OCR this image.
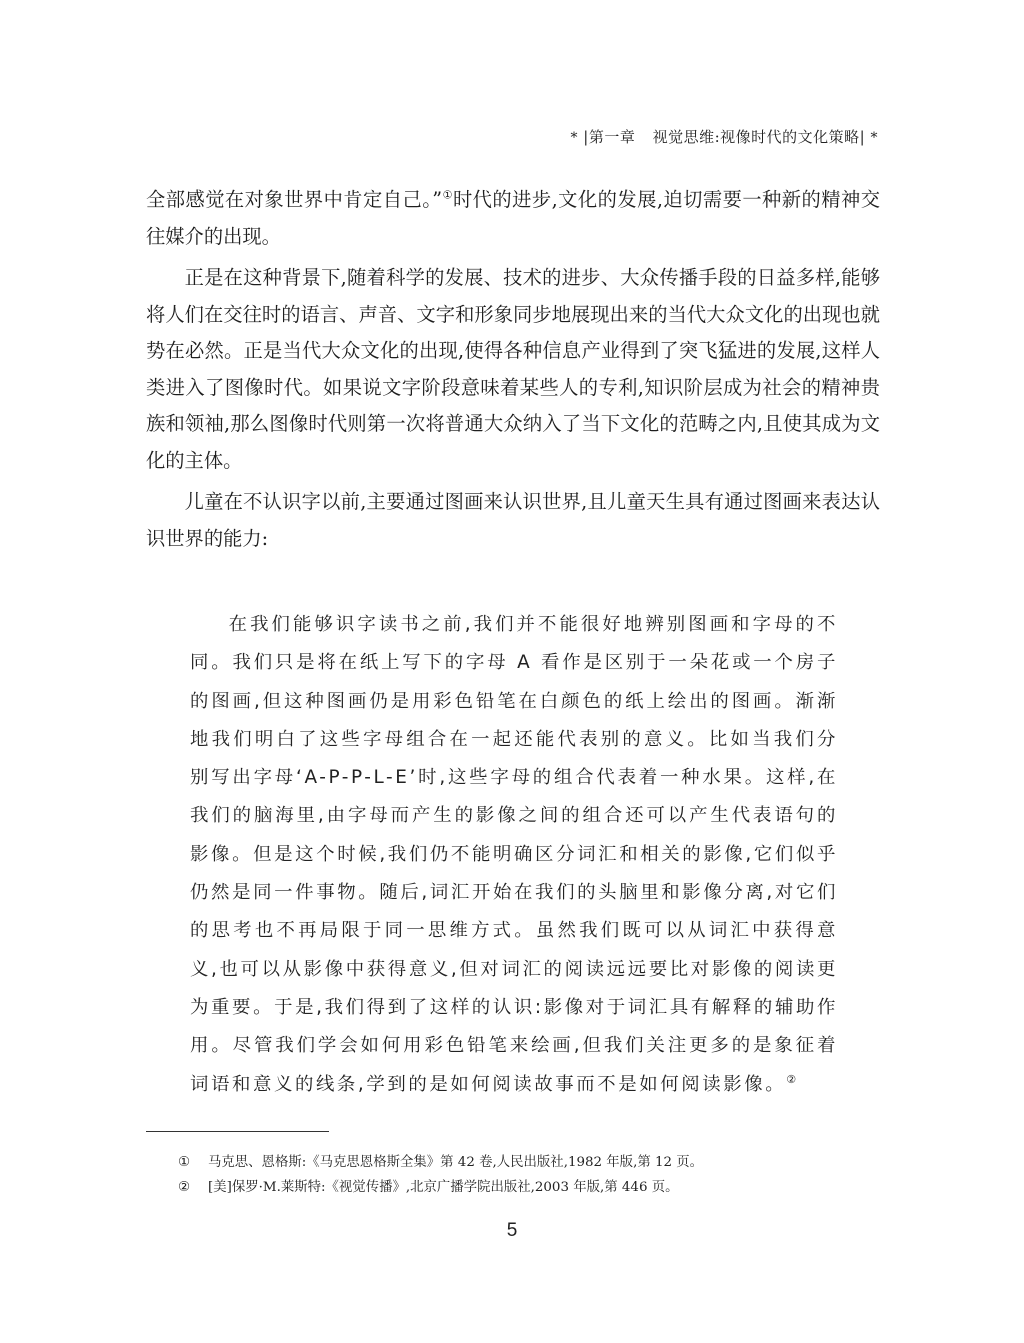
* |第一章 视觉思维:视像时代的文化策略| *

全部感觉在对象世界中肯定自己。”①时代的进步,文化的发展,迫切需要一种新的精神交往媒介的出现。

正是在这种背景下,随着科学的发展、技术的进步、大众传播手段的日益多样,能够将人们在交往时的语言、声音、文字和形象同步地展现出来的当代大众文化的出现也就势在必然。正是当代大众文化的出现,使得各种信息产业得到了突飞猛进的发展,这样人类进入了图像时代。如果说文字阶段意味着某些人的专利,知识阶层成为社会的精神贵族和领袖,那么图像时代则第一次将普通大众纳入了当下文化的范畴之内,且使其成为文化的主体。

儿童在不认识字以前,主要通过图画来认识世界,且儿童天生具有通过图画来表达认识世界的能力:

在我们能够识字读书之前,我们并不能很好地辨别图画和字母的不同。我们只是将在纸上写下的字母 A 看作是区别于一朵花或一个房子的图画,但这种图画仍是用彩色铅笔在白颜色的纸上绘出的图画。渐渐地我们明白了这些字母组合在一起还能代表别的意义。比如当我们分别写出字母‘A-P-P-L-E’时,这些字母的组合代表着一种水果。这样,在我们的脑海里,由字母而产生的影像之间的组合还可以产生代表语句的影像。但是这个时候,我们仍不能明确区分词汇和相关的影像,它们似乎仍然是同一件事物。随后,词汇开始在我们的头脑里和影像分离,对它们的思考也不再局限于同一思维方式。虽然我们既可以从词汇中获得意义,也可以从影像中获得意义,但对词汇的阅读远远要比对影像的阅读更为重要。于是,我们得到了这样的认识:影像对于词汇具有解释的辅助作用。尽管我们学会如何用彩色铅笔来绘画,但我们关注更多的是象征着词语和意义的线条,学到的是如何阅读故事而不是如何阅读影像。②

① 马克思、恩格斯:《马克思恩格斯全集》第 42 卷,人民出版社,1982 年版,第 12 页。
② [美]保罗·M.莱斯特:《视觉传播》,北京广播学院出版社,2003 年版,第 446 页。
5
